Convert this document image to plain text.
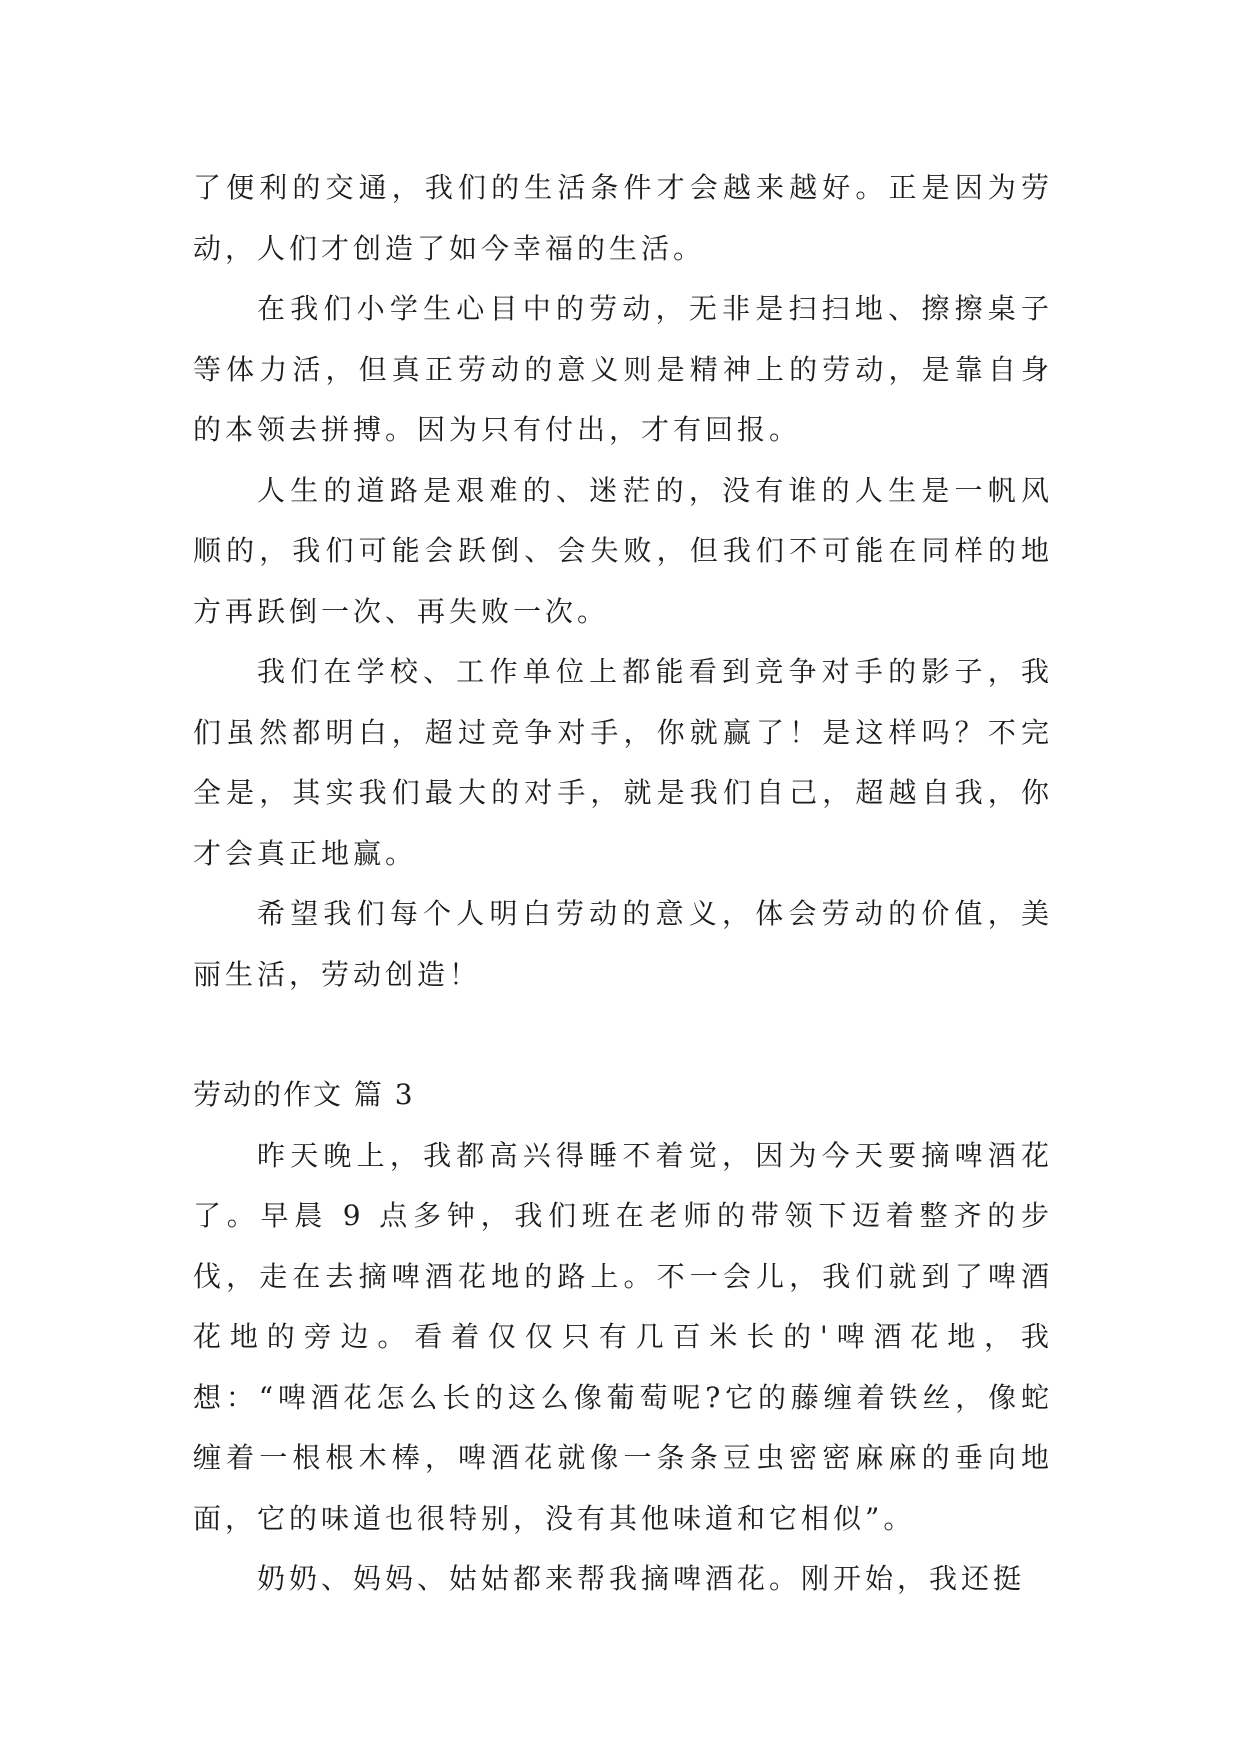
了便利的交通，我们的生活条件才会越来越好。正是因为劳动，人们才创造了如今幸福的生活。

在我们小学生心目中的劳动，无非是扫扫地、擦擦桌子等体力活，但真正劳动的意义则是精神上的劳动，是靠自身的本领去拼搏。因为只有付出，才有回报。

人生的道路是艰难的、迷茫的，没有谁的人生是一帆风顺的，我们可能会跃倒、会失败，但我们不可能在同样的地方再跃倒一次、再失败一次。

我们在学校、工作单位上都能看到竞争对手的影子，我们虽然都明白，超过竞争对手，你就赢了！是这样吗？不完全是，其实我们最大的对手，就是我们自己，超越自我，你才会真正地赢。

希望我们每个人明白劳动的意义，体会劳动的价值，美丽生活，劳动创造！

劳动的作文 篇 3

昨天晚上，我都高兴得睡不着觉，因为今天要摘啤酒花了。早晨 9 点多钟，我们班在老师的带领下迈着整齐的步伐，走在去摘啤酒花地的路上。不一会儿，我们就到了啤酒花地的旁边。看着仅仅只有几百米长的'啤酒花地，我想：“啤酒花怎么长的这么像葡萄呢?它的藤缠着铁丝，像蛇缠着一根根木棒，啤酒花就像一条条豆虫密密麻麻的垂向地面，它的味道也很特别，没有其他味道和它相似”。

奶奶、妈妈、姑姑都来帮我摘啤酒花。刚开始，我还挺
